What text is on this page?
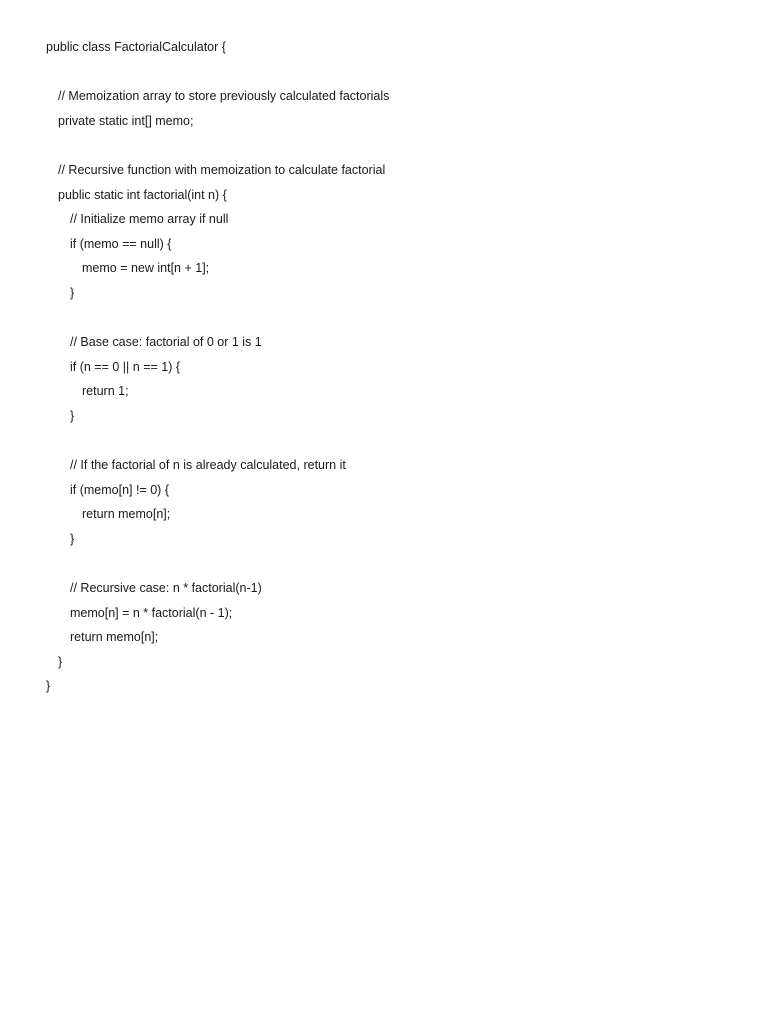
public class FactorialCalculator {
// Memoization array to store previously calculated factorials
private static int[] memo;
// Recursive function with memoization to calculate factorial
public static int factorial(int n) {
// Initialize memo array if null
if (memo == null) {
memo = new int[n + 1];
}
// Base case: factorial of 0 or 1 is 1
if (n == 0 || n == 1) {
return 1;
}
// If the factorial of n is already calculated, return it
if (memo[n] != 0) {
return memo[n];
}
// Recursive case: n * factorial(n-1)
memo[n] = n * factorial(n - 1);
return memo[n];
}
}
